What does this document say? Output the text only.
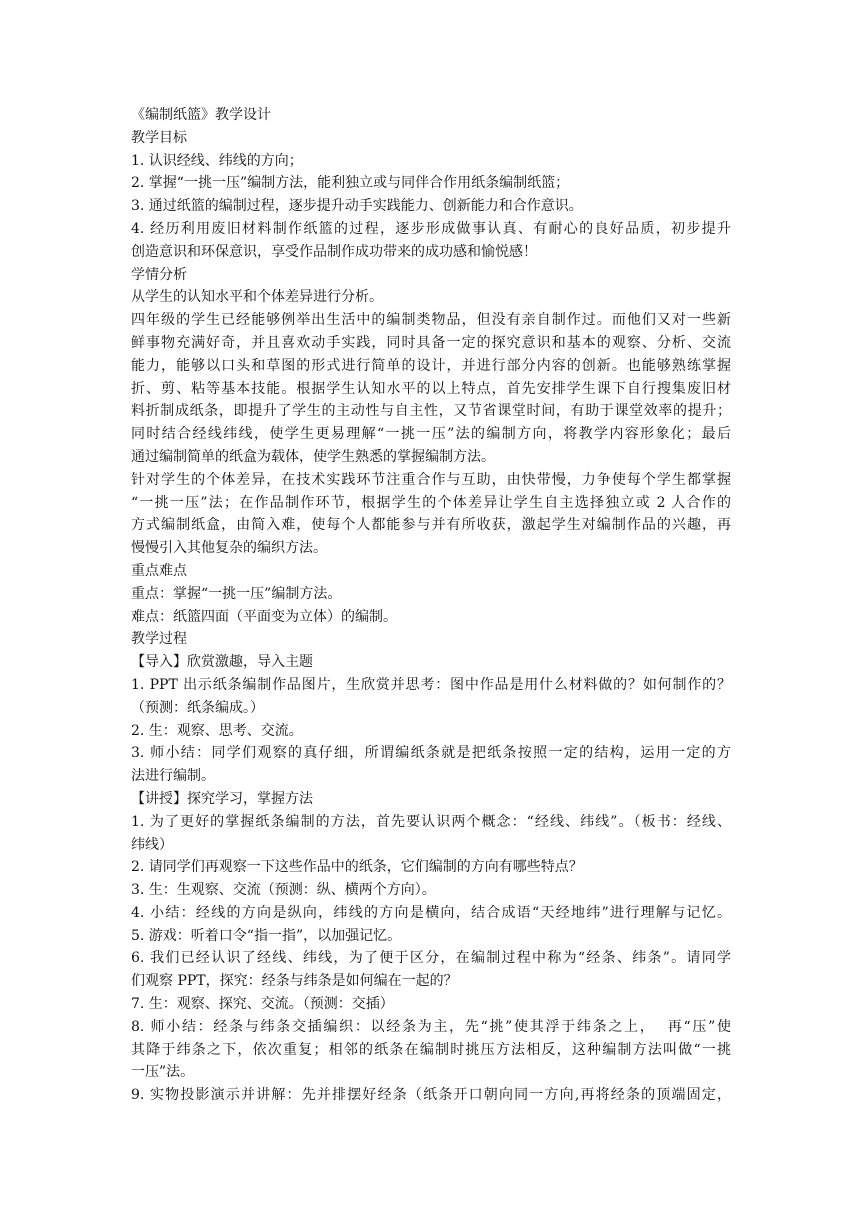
《编制纸篮》教学设计

教学目标

1. 认识经线、纬线的方向；

2. 掌握“一挑一压”编制方法，能利独立或与同伴合作用纸条编制纸篮；

3. 通过纸篮的编制过程，逐步提升动手实践能力、创新能力和合作意识。

4. 经历利用废旧材料制作纸篮的过程，逐步形成做事认真、有耐心的良好品质，初步提升

创造意识和环保意识，享受作品制作成功带来的成功感和愉悦感！

学情分析

从学生的认知水平和个体差异进行分析。

四年级的学生已经能够例举出生活中的编制类物品，但没有亲自制作过。而他们又对一些新

鲜事物充满好奇，并且喜欢动手实践，同时具备一定的探究意识和基本的观察、分析、交流

能力，能够以口头和草图的形式进行简单的设计，并进行部分内容的创新。也能够熟练掌握

折、剪、粘等基本技能。根据学生认知水平的以上特点，首先安排学生课下自行搜集废旧材

料折制成纸条，即提升了学生的主动性与自主性，又节省课堂时间，有助于课堂效率的提升；

同时结合经线纬线，使学生更易理解“一挑一压”法的编制方向，将教学内容形象化；最后

通过编制简单的纸盒为载体，使学生熟悉的掌握编制方法。

针对学生的个体差异，在技术实践环节注重合作与互助，由快带慢，力争使每个学生都掌握

“一挑一压”法；在作品制作环节，根据学生的个体差异让学生自主选择独立或 2 人合作的

方式编制纸盒，由简入难，使每个人都能参与并有所收获，激起学生对编制作品的兴趣，再

慢慢引入其他复杂的编织方法。

重点难点

重点：掌握“一挑一压”编制方法。

难点：纸篮四面（平面变为立体）的编制。

教学过程

【导入】欣赏激趣，导入主题

1. PPT 出示纸条编制作品图片，生欣赏并思考：图中作品是用什么材料做的？如何制作的？

（预测：纸条编成。）

2. 生：观察、思考、交流。

3. 师小结：同学们观察的真仔细，所谓编纸条就是把纸条按照一定的结构，运用一定的方

法进行编制。

【讲授】探究学习，掌握方法

1. 为了更好的掌握纸条编制的方法，首先要认识两个概念：“经线、纬线”。（板书：经线、

纬线）

2. 请同学们再观察一下这些作品中的纸条，它们编制的方向有哪些特点？

3. 生：生观察、交流（预测：纵、横两个方向）。

4. 小结：经线的方向是纵向，纬线的方向是横向，结合成语“天经地纬”进行理解与记忆。

5. 游戏：听着口令“指一指”，以加强记忆。

6. 我们已经认识了经线、纬线，为了便于区分，在编制过程中称为“经条、纬条”。请同学

们观察 PPT，探究：经条与纬条是如何编在一起的？

7. 生：观察、探究、交流。（预测：交插）

8. 师小结：经条与纬条交插编织：以经条为主，先“挑”使其浮于纬条之上，  再“压”使

其降于纬条之下，依次重复；相邻的纸条在编制时挑压方法相反，这种编制方法叫做“一挑

一压”法。

9. 实物投影演示并讲解：先并排摆好经条（纸条开口朝向同一方向,再将经条的顶端固定，
